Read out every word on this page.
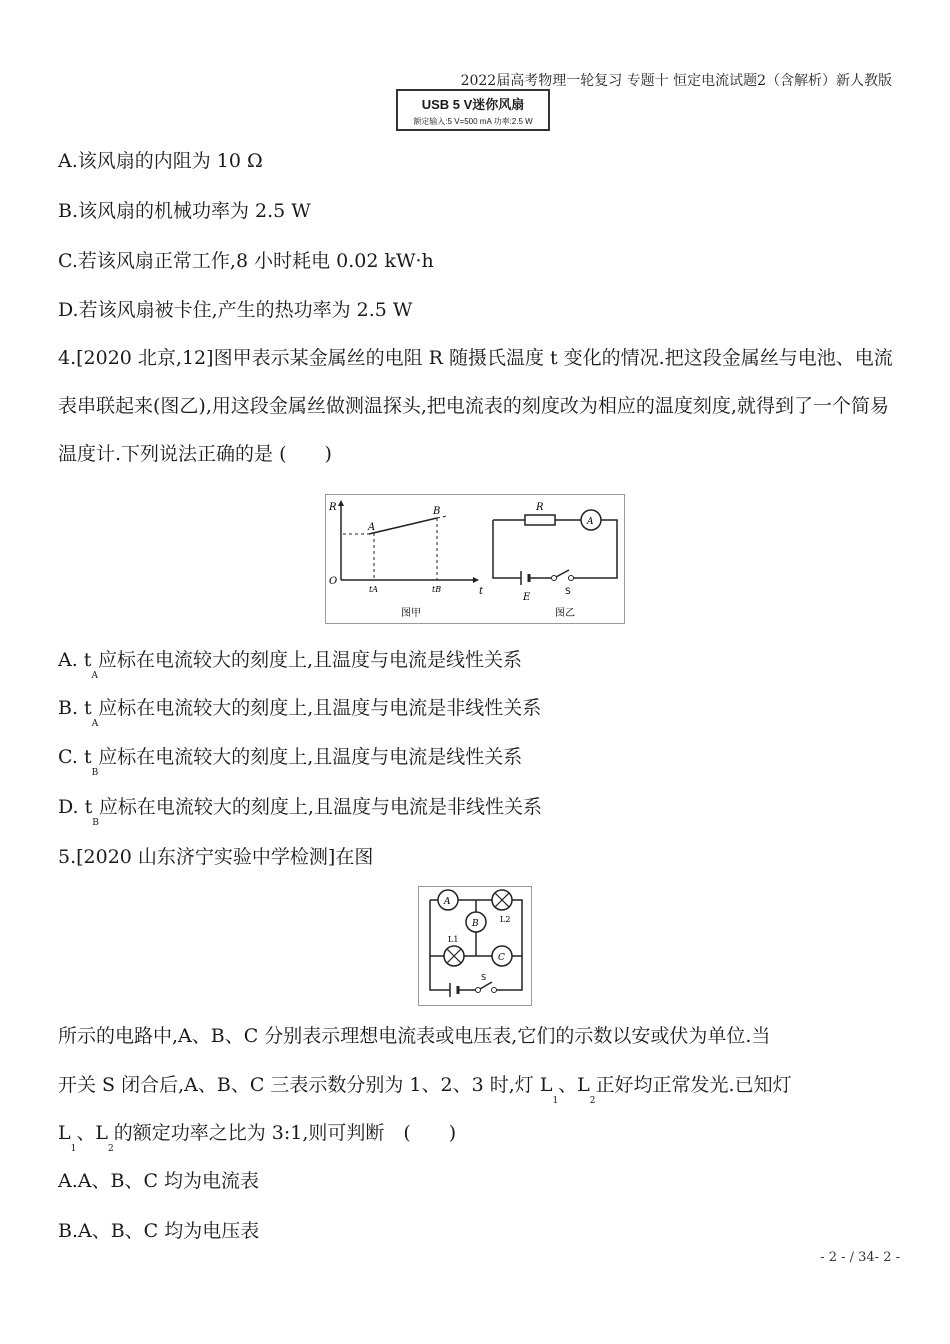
2022届高考物理一轮复习 专题十 恒定电流试题2（含解析）新人教版
USB 5 V迷你风扇
额定输入:5 V=500 mA 功率:2.5 W
A.该风扇的内阻为 10 Ω
B.该风扇的机械功率为 2.5 W
C.若该风扇正常工作,8 小时耗电 0.02 kW·h
D.若该风扇被卡住,产生的热功率为 2.5 W
4.[2020 北京,12]图甲表示某金属丝的电阻 R 随摄氏温度 t 变化的情况.把这段金属丝与电池、电流表串联起来(图乙),用这段金属丝做测温探头,把电流表的刻度改为相应的温度刻度,就得到了一个简易温度计.下列说法正确的是 (　　)
R
t
O
A
B
tA	tB
图甲
R
A
E	S
图乙
A. $t_A$应标在电流较大的刻度上,且温度与电流是线性关系
B. $t_A$应标在电流较大的刻度上,且温度与电流是非线性关系
C. $t_B$应标在电流较大的刻度上,且温度与电流是线性关系
D. $t_B$应标在电流较大的刻度上,且温度与电流是非线性关系
5.[2020 山东济宁实验中学检测]在图
A
B
C
L2
L1
S
所示的电路中,A、B、C 分别表示理想电流表或电压表,它们的示数以安或伏为单位.当
开关 S 闭合后,A、B、C 三表示数分别为 1、2、3 时,灯 $L_1$、$L_2$正好均正常发光.已知灯
$L_1$、$L_2$的额定功率之比为 3:1,则可判断　(　　)
A.A、B、C 均为电流表
B.A、B、C 均为电压表
- 2 - / 34- 2 -
